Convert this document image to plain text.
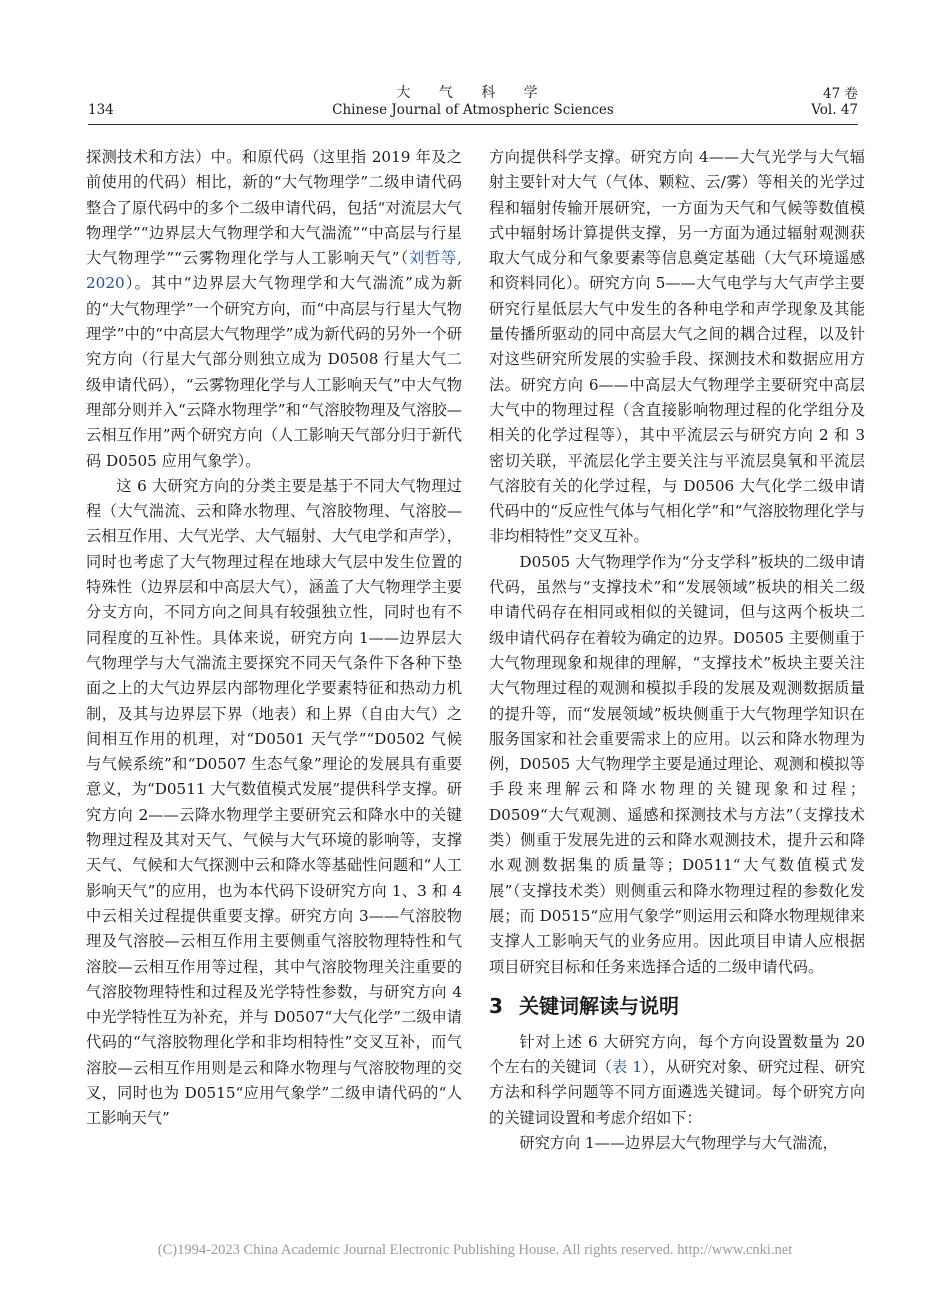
大 气 科 学	47 卷
134	Chinese Journal of Atmospheric Sciences	Vol. 47

探测技术和方法）中。和原代码（这里指 2019 年及之前使用的代码）相比，新的“大气物理学”二级申请代码整合了原代码中的多个二级申请代码，包括“对流层大气物理学”“边界层大气物理学和大气湍流”“中高层与行星大气物理学”“云雾物理化学与人工影响天气”（刘哲等, 2020）。其中“边界层大气物理学和大气湍流”成为新的“大气物理学”一个研究方向，而“中高层与行星大气物理学”中的“中高层大气物理学”成为新代码的另外一个研究方向（行星大气部分则独立成为 D0508 行星大气二级申请代码），“云雾物理化学与人工影响天气”中大气物理部分则并入“云降水物理学”和“气溶胶物理及气溶胶—云相互作用”两个研究方向（人工影响天气部分归于新代码 D0505 应用气象学）。

这 6 大研究方向的分类主要是基于不同大气物理过程（大气湍流、云和降水物理、气溶胶物理、气溶胶—云相互作用、大气光学、大气辐射、大气电学和声学），同时也考虑了大气物理过程在地球大气层中发生位置的特殊性（边界层和中高层大气），涵盖了大气物理学主要分支方向，不同方向之间具有较强独立性，同时也有不同程度的互补性。具体来说，研究方向 1——边界层大气物理学与大气湍流主要探究不同天气条件下各种下垫面之上的大气边界层内部物理化学要素特征和热动力机制，及其与边界层下界（地表）和上界（自由大气）之间相互作用的机理，对“D0501 天气学”“D0502 气候与气候系统”和“D0507 生态气象”理论的发展具有重要意义，为“D0511 大气数值模式发展”提供科学支撑。研究方向 2——云降水物理学主要研究云和降水中的关键物理过程及其对天气、气候与大气环境的影响等，支撑天气、气候和大气探测中云和降水等基础性问题和“人工影响天气”的应用，也为本代码下设研究方向 1、3 和 4 中云相关过程提供重要支撑。研究方向 3——气溶胶物理及气溶胶—云相互作用主要侧重气溶胶物理特性和气溶胶—云相互作用等过程，其中气溶胶物理关注重要的气溶胶物理特性和过程及光学特性参数，与研究方向 4 中光学特性互为补充，并与 D0507“大气化学”二级申请代码的“气溶胶物理化学和非均相特性”交叉互补，而气溶胶—云相互作用则是云和降水物理与气溶胶物理的交叉，同时也为 D0515“应用气象学”二级申请代码的“人工影响天气”

方向提供科学支撑。研究方向 4——大气光学与大气辐射主要针对大气（气体、颗粒、云/雾）等相关的光学过程和辐射传输开展研究，一方面为天气和气候等数值模式中辐射场计算提供支撑，另一方面为通过辐射观测获取大气成分和气象要素等信息奠定基础（大气环境遥感和资料同化）。研究方向 5——大气电学与大气声学主要研究行星低层大气中发生的各种电学和声学现象及其能量传播所驱动的同中高层大气之间的耦合过程，以及针对这些研究所发展的实验手段、探测技术和数据应用方法。研究方向 6——中高层大气物理学主要研究中高层大气中的物理过程（含直接影响物理过程的化学组分及相关的化学过程等），其中平流层云与研究方向 2 和 3 密切关联，平流层化学主要关注与平流层臭氧和平流层气溶胶有关的化学过程，与 D0506 大气化学二级申请代码中的“反应性气体与气相化学”和“气溶胶物理化学与非均相特性”交叉互补。

D0505 大气物理学作为“分支学科”板块的二级申请代码，虽然与“支撑技术”和“发展领域”板块的相关二级申请代码存在相同或相似的关键词，但与这两个板块二级申请代码存在着较为确定的边界。D0505 主要侧重于大气物理现象和规律的理解，“支撑技术”板块主要关注大气物理过程的观测和模拟手段的发展及观测数据质量的提升等，而“发展领域”板块侧重于大气物理学知识在服务国家和社会重要需求上的应用。以云和降水物理为例，D0505 大气物理学主要是通过理论、观测和模拟等手段来理解云和降水物理的关键现象和过程；D0509“大气观测、遥感和探测技术与方法”（支撑技术类）侧重于发展先进的云和降水观测技术，提升云和降水观测数据集的质量等；D0511“大气数值模式发展”（支撑技术类）则侧重云和降水物理过程的参数化发展；而 D0515“应用气象学”则运用云和降水物理规律来支撑人工影响天气的业务应用。因此项目申请人应根据项目研究目标和任务来选择合适的二级申请代码。

3 关键词解读与说明

针对上述 6 大研究方向，每个方向设置数量为 20 个左右的关键词（表 1），从研究对象、研究过程、研究方法和科学问题等不同方面遴选关键词。每个研究方向的关键词设置和考虑介绍如下：

研究方向 1——边界层大气物理学与大气湍流，

(C)1994-2023 China Academic Journal Electronic Publishing House. All rights reserved. http://www.cnki.net
